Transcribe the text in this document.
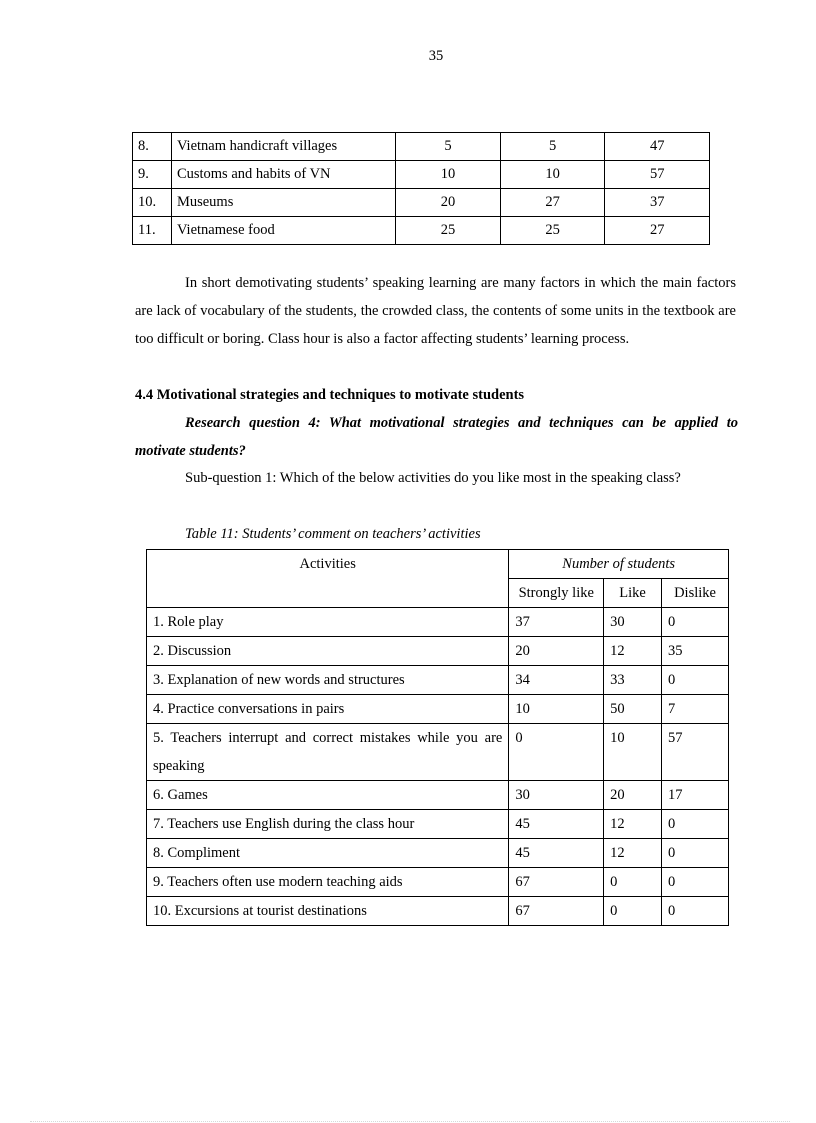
35
8.	Vietnam handicraft villages	5	5	47
9.	Customs and habits of VN	10	10	57
10.	Museums	20	27	37
11.	Vietnamese food	25	25	27
In short demotivating students’ speaking learning are many factors in which the main factors are lack of vocabulary of the students, the crowded class, the contents of some units in the textbook are too difficult or boring. Class hour is also a factor affecting students’ learning process.
4.4 Motivational strategies and techniques to motivate students
Research question 4: What motivational strategies and techniques can be applied to motivate students?
Sub-question 1: Which of the below activities do you like most in the speaking class?
Table 11: Students’ comment on teachers’ activities
Activities	Number of students		
	Strongly like	Like	Dislike
1. Role play	37	30	0
2. Discussion	20	12	35
3. Explanation of new words and structures	34	33	0
4. Practice conversations in pairs	10	50	7
5. Teachers interrupt and correct mistakes while you are speaking	0	10	57
6. Games	30	20	17
7. Teachers use English during the class hour	45	12	0
8. Compliment	45	12	0
9. Teachers often use modern teaching aids	67	0	0
10. Excursions at tourist destinations	67	0	0
